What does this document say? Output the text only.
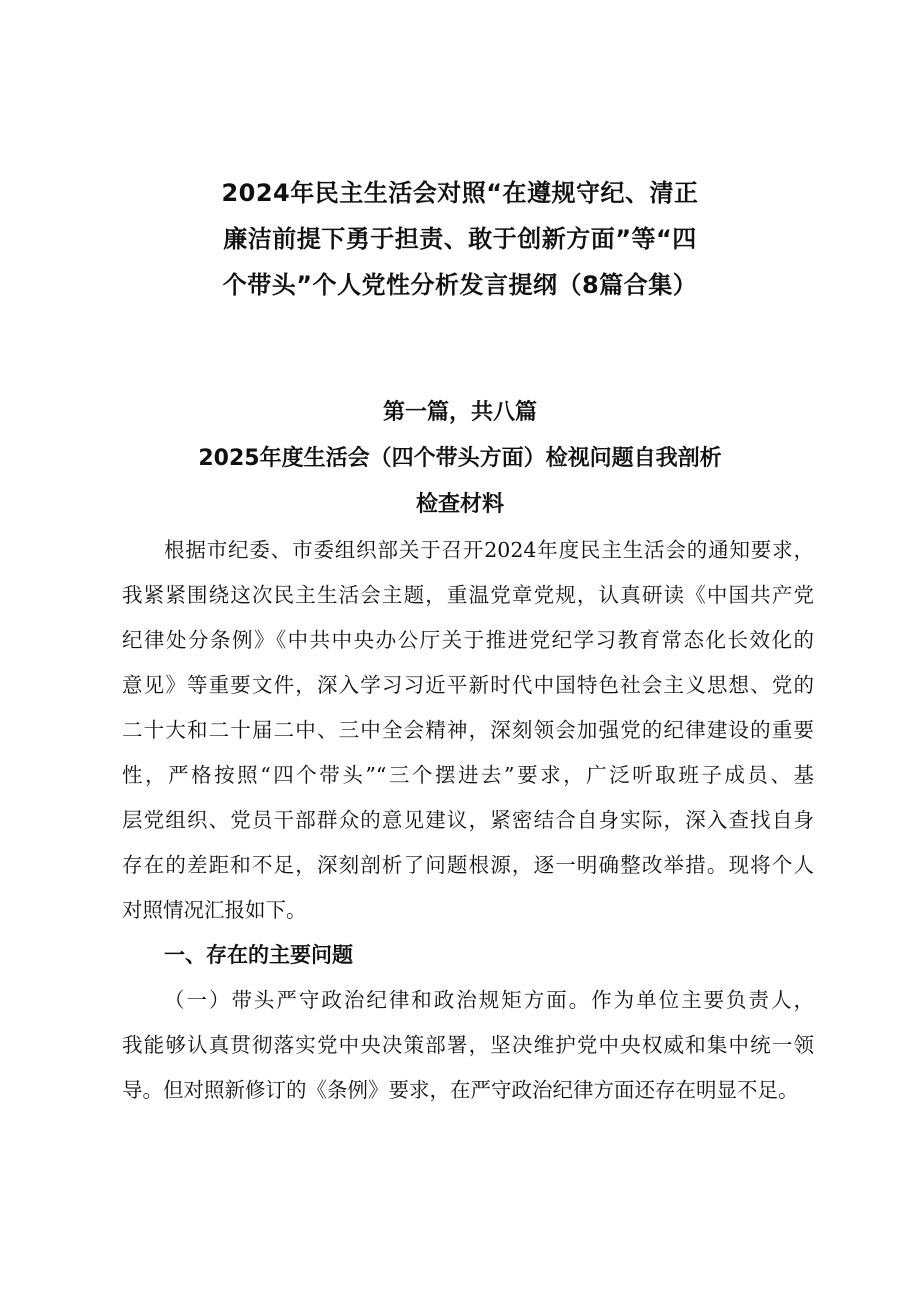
2024年民主生活会对照“在遵规守纪、清正
廉洁前提下勇于担责、敢于创新方面”等“四
个带头”个人党性分析发言提纲（8篇合集）
第一篇，共八篇
2025年度生活会（四个带头方面）检视问题自我剖析
检查材料
根据市纪委、市委组织部关于召开2024年度民主生活会的通知要求，
我紧紧围绕这次民主生活会主题，重温党章党规，认真研读《中国共产党
纪律处分条例》《中共中央办公厅关于推进党纪学习教育常态化长效化的
意见》等重要文件，深入学习习近平新时代中国特色社会主义思想、党的
二十大和二十届二中、三中全会精神，深刻领会加强党的纪律建设的重要
性，严格按照“四个带头”“三个摆进去”要求，广泛听取班子成员、基
层党组织、党员干部群众的意见建议，紧密结合自身实际，深入查找自身
存在的差距和不足，深刻剖析了问题根源，逐一明确整改举措。现将个人
对照情况汇报如下。
一、存在的主要问题
（一）带头严守政治纪律和政治规矩方面。作为单位主要负责人，
我能够认真贯彻落实党中央决策部署，坚决维护党中央权威和集中统一领
导。但对照新修订的《条例》要求，在严守政治纪律方面还存在明显不足。
